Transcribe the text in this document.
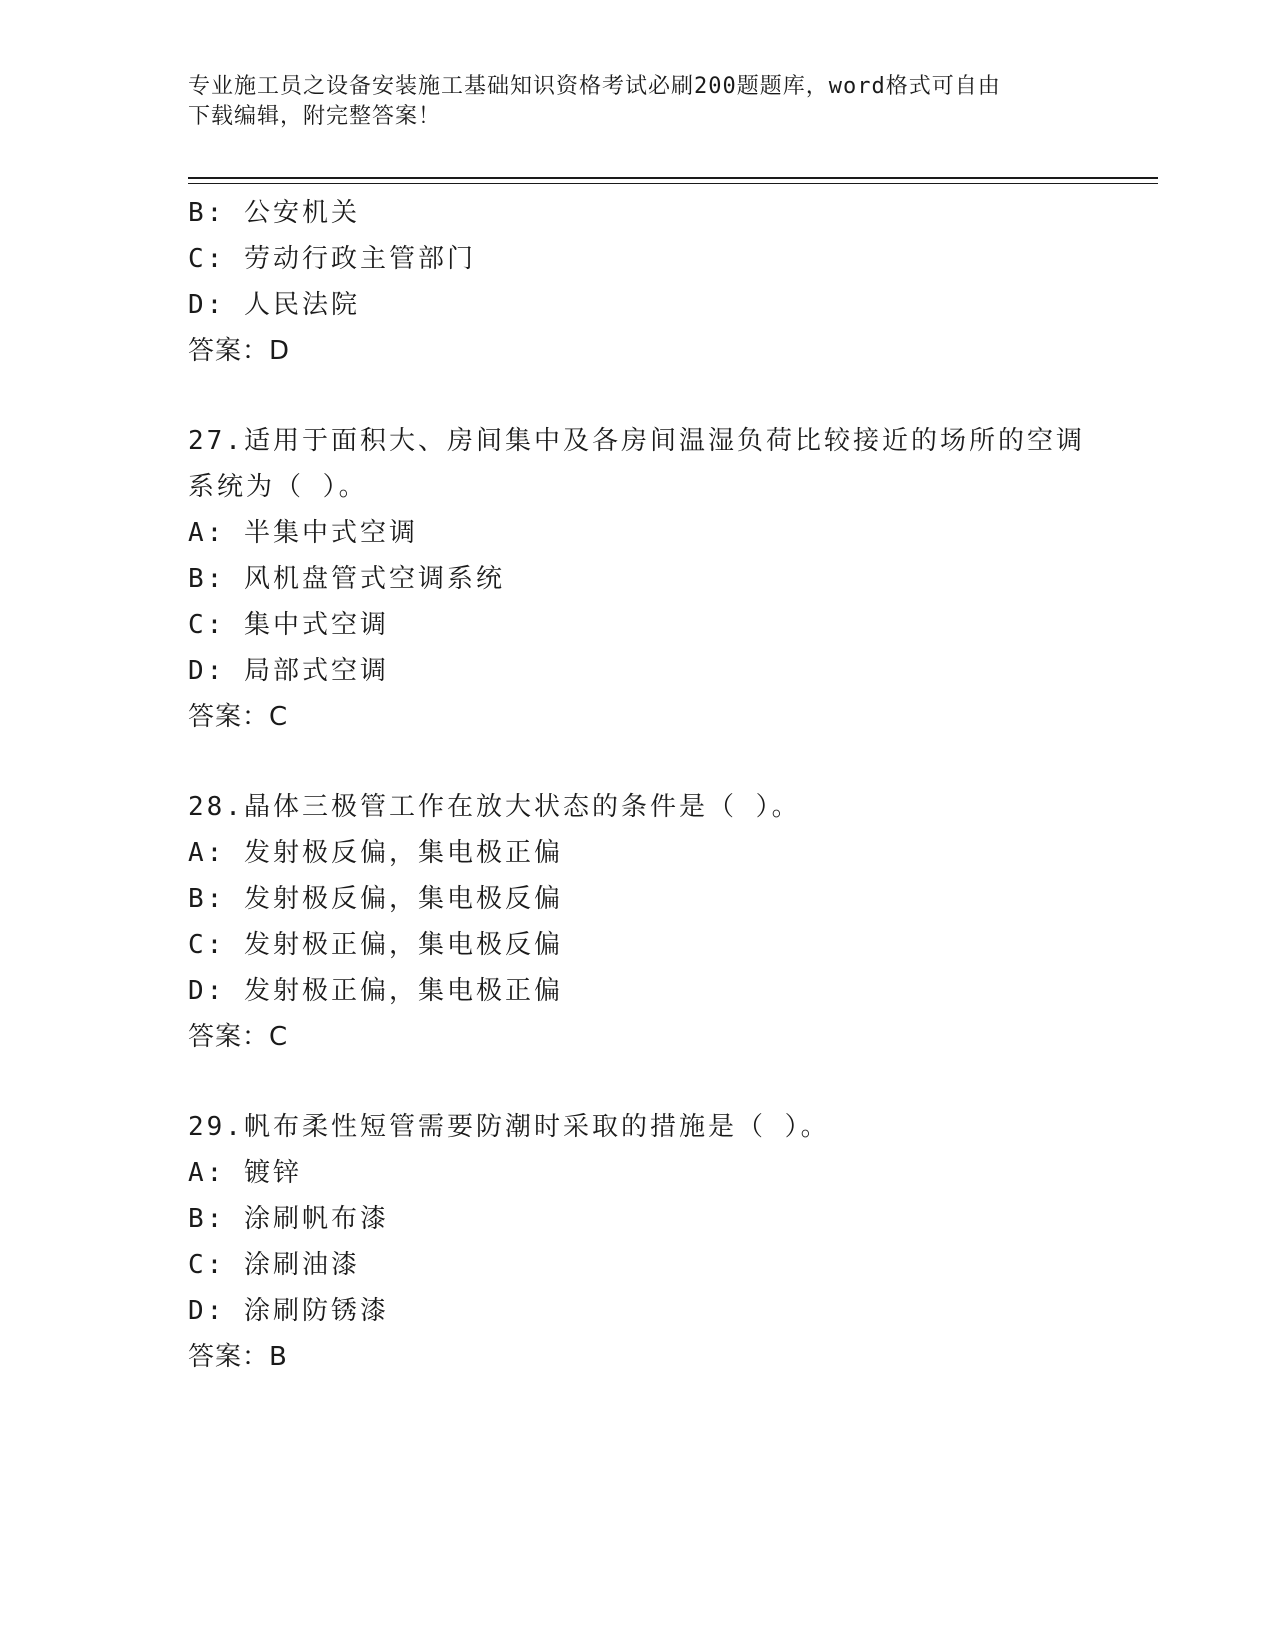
专业施工员之设备安装施工基础知识资格考试必刷200题题库，word格式可自由
下载编辑，附完整答案！
B: 公安机关
C: 劳动行政主管部门
D: 人民法院
答案：D
27.适用于面积大、房间集中及各房间温湿负荷比较接近的场所的空调
系统为（ ）。
A: 半集中式空调
B: 风机盘管式空调系统
C: 集中式空调
D: 局部式空调
答案：C
28.晶体三极管工作在放大状态的条件是（ ）。
A: 发射极反偏，集电极正偏
B: 发射极反偏，集电极反偏
C: 发射极正偏，集电极反偏
D: 发射极正偏，集电极正偏
答案：C
29.帆布柔性短管需要防潮时采取的措施是（ ）。
A: 镀锌
B: 涂刷帆布漆
C: 涂刷油漆
D: 涂刷防锈漆
答案：B
